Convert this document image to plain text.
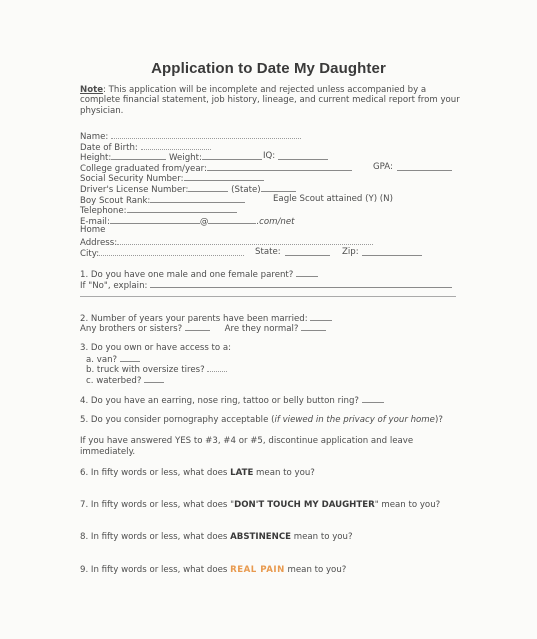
Application to Date My Daughter
Note: This application will be incomplete and rejected unless accompanied by a complete financial statement, job history, lineage, and current medical report from your physician.
Name:
Date of Birth:
Height:	Weight:	IQ:
College graduated from/year:	GPA:
Social Security Number:
Driver's License Number:	(State)
Boy Scout Rank:	Eagle Scout attained (Y) (N)
Telephone:
E-mail:	@	.com/net
Home
Address:
City:	State:	Zip:
1. Do you have one male and one female parent?
If "No", explain:
2. Number of years your parents have been married:
Any brothers or sisters?	Are they normal?
3. Do you own or have access to a:
a. van?
b. truck with oversize tires?
c. waterbed?
4. Do you have an earring, nose ring, tattoo or belly button ring?
5. Do you consider pornography acceptable (if viewed in the privacy of your home)?
If you have answered YES to #3, #4 or #5, discontinue application and leave immediately.
6. In fifty words or less, what does LATE mean to you?
7. In fifty words or less, what does "DON'T TOUCH MY DAUGHTER" mean to you?
8. In fifty words or less, what does ABSTINENCE mean to you?
9. In fifty words or less, what does REAL PAIN mean to you?
